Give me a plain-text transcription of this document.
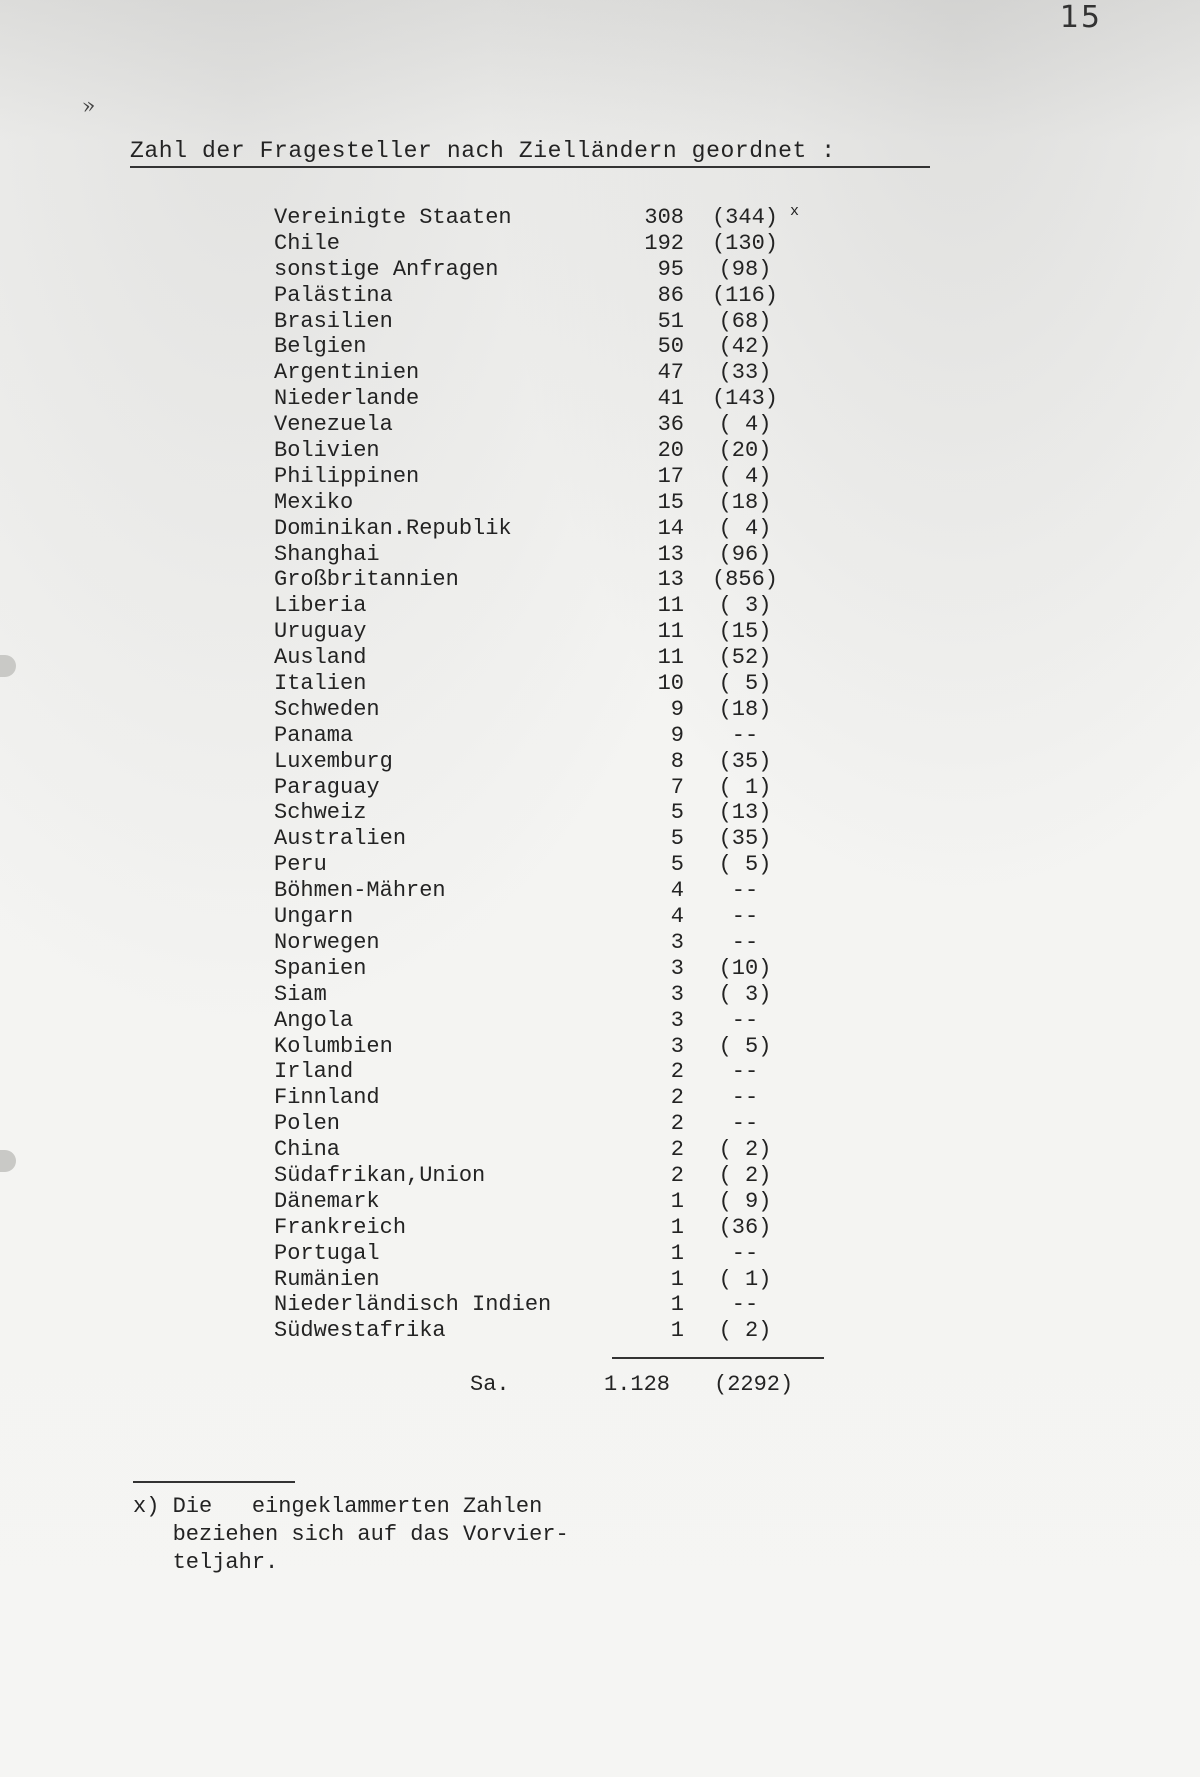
15
»
Zahl der Fragesteller nach Zielländern geordnet :
Vereinigte Staaten	308 (344) x
Chile	192 (130)
sonstige Anfragen	95	(98)
Palästina	86 (116)
Brasilien	51	(68)
Belgien	50	(42)
Argentinien	47	(33)
Niederlande	41 (143)
Venezuela	36	( 4)
Bolivien	20	(20)
Philippinen	17	( 4)
Mexiko	15	(18)
Dominikan.Republik	14	( 4)
Shanghai	13	(96)
Großbritannien	13 (856)
Liberia	11	( 3)
Uruguay	11	(15)
Ausland	11	(52)
Italien	10	( 5)
Schweden	9	(18)
Panama	9	--
Luxemburg	8	(35)
Paraguay	7	( 1)
Schweiz	5	(13)
Australien	5	(35)
Peru	5	( 5)
Böhmen-Mähren	4	--
Ungarn	4	--
Norwegen	3	--
Spanien	3	(10)
Siam	3	( 3)
Angola	3	--
Kolumbien	3	( 5)
Irland	2	--
Finnland	2	--
Polen	2	--
China	2	( 2)
Südafrikan,Union	2	( 2)
Dänemark	1	( 9)
Frankreich	1	(36)
Portugal	1	--
Rumänien	1	( 1)
Niederländisch Indien	1	--
Südwestafrika	1	( 2)
Sa.	1.128 (2292)
x) Die   eingeklammerten Zahlen
beziehen sich auf das Vorvier-
teljahr.
